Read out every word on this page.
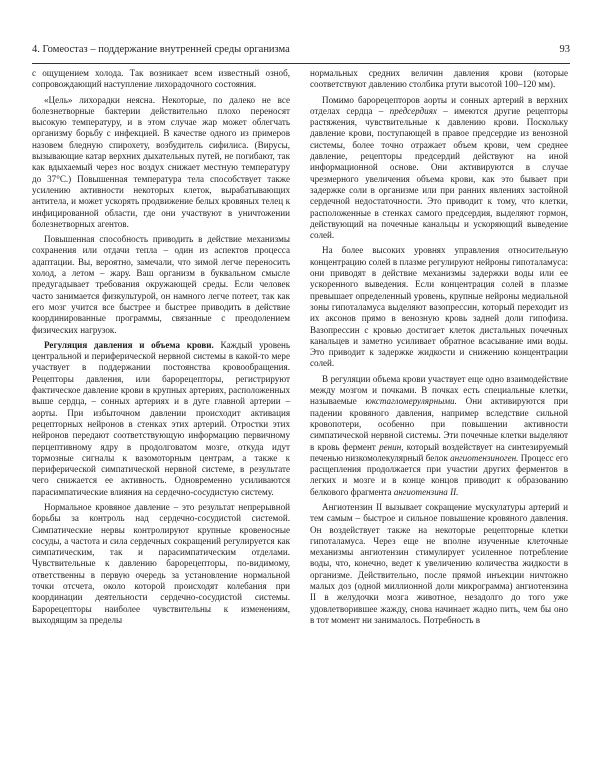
4. Гомеостаз – поддержание внутренней среды организма	93

с ощущением холода. Так возникает всем известный озноб, сопровождающий наступление лихорадочного состояния.

«Цель» лихорадки неясна. Некоторые, по далеко не все болезнетворные бактерии действительно плохо переносят высокую температуру, и в этом случае жар может облегчать организму борьбу с инфекцией. В качестве одного из примеров назовем бледную спирохету, возбудитель сифилиса. (Вирусы, вызывающие катар верхних дыхательных путей, не погибают, так как вдыхаемый через нос воздух снижает местную температуру до 37°С.) Повышенная температура тела способствует также усилению активности некоторых клеток, вырабатывающих антитела, и может ускорять продвижение белых кровяных телец к инфицированной области, где они участвуют в уничтожении болезнетворных агентов.

Повышенная способность приводить в действие механизмы сохранения или отдачи тепла – один из аспектов процесса адаптации. Вы, вероятно, замечали, что зимой легче переносить холод, а летом – жару. Ваш организм в буквальном смысле предугадывает требования окружающей среды. Если человек часто занимается физкультурой, он намного легче потеет, так как его мозг учится все быстрее и быстрее приводить в действие координированные программы, связанные с преодолением физических нагрузок.

Регуляция давления и объема крови. Каждый уровень центральной и периферической нервной системы в какой-то мере участвует в поддержании постоянства кровообращения. Рецепторы давления, или барорецепторы, регистрируют фактическое давление крови в крупных артериях, расположенных выше сердца, – сонных артериях и в дуге главной артерии – аорты. При избыточном давлении происходит активация рецепторных нейронов в стенках этих артерий. Отростки этих нейронов передают соответствующую информацию первичному перцептивному ядру в продолговатом мозге, откуда идут тормозные сигналы к вазомоторным центрам, а также к периферической симпатической нервной системе, в результате чего снижается ее активность. Одновременно усиливаются парасимпатические влияния на сердечно-сосудистую систему.

Нормальное кровяное давление – это результат непрерывной борьбы за контроль над сердечно-сосудистой системой. Симпатические нервы контролируют крупные кровеносные сосуды, а частота и сила сердечных сокращений регулируется как симпатическим, так и парасимпатическим отделами. Чувствительные к давлению барорецепторы, по-видимому, ответственны в первую очередь за установление нормальной точки отсчета, около которой происходят колебания при координации деятельности сердечно-сосудистой системы. Барорецепторы наиболее чувствительны к изменениям, выходящим за пределы

нормальных средних величин давления крови (которые соответствуют давлению столбика ртути высотой 100–120 мм).

Помимо барорецепторов аорты и сонных артерий в верхних отделах сердца – предсердиях – имеются другие рецепторы растяжения, чувствительные к давлению крови. Поскольку давление крови, поступающей в правое предсердие из венозной системы, более точно отражает объем крови, чем среднее давление, рецепторы предсердий действуют на иной информационной основе. Они активируются в случае чрезмерного увеличения объема крови, как это бывает при задержке соли в организме или при ранних явлениях застойной сердечной недостаточности. Это приводит к тому, что клетки, расположенные в стенках самого предсердия, выделяют гормон, действующий на почечные канальцы и ускоряющий выведение солей.

На более высоких уровнях управления относительную концентрацию солей в плазме регулируют нейроны гипоталамуса: они приводят в действие механизмы задержки воды или ее ускоренного выведения. Если концентрация солей в плазме превышает определенный уровень, крупные нейроны медиальной зоны гипоталамуса выделяют вазопрессин, который переходит из их аксонов прямо в венозную кровь задней доли гипофиза. Вазопрессин с кровью достигает клеток дистальных почечных канальцев и заметно усиливает обратное всасывание ими воды. Это приводит к задержке жидкости и снижению концентрации солей.

В регуляции объема крови участвует еще одно взаимодействие между мозгом и почками. В почках есть специальные клетки, называемые юкстагломерулярными. Они активируются при падении кровяного давления, например вследствие сильной кровопотери, особенно при повышении активности симпатической нервной системы. Эти почечные клетки выделяют в кровь фермент ренин, который воздействует на синтезируемый печенью низкомолекулярный белок ангиотензиноген. Процесс его расщепления продолжается при участии других ферментов в легких и мозге и в конце концов приводит к образованию белкового фрагмента ангиотензина II.

Ангиотензин II вызывает сокращение мускулатуры артерий и тем самым – быстрое и сильное повышение кровяного давления. Он воздействует также на некоторые рецепторные клетки гипоталамуса. Через еще не вполне изученные клеточные механизмы ангиотензин стимулирует усиленное потребление воды, что, конечно, ведет к увеличению количества жидкости в организме. Действительно, после прямой инъекции ничтожно малых доз (одной миллионной доли микрограмма) ангиотензина II в желудочки мозга животное, незадолго до того уже удовлетворившее жажду, снова начинает жадно пить, чем бы оно в тот момент ни занималось. Потребность в
